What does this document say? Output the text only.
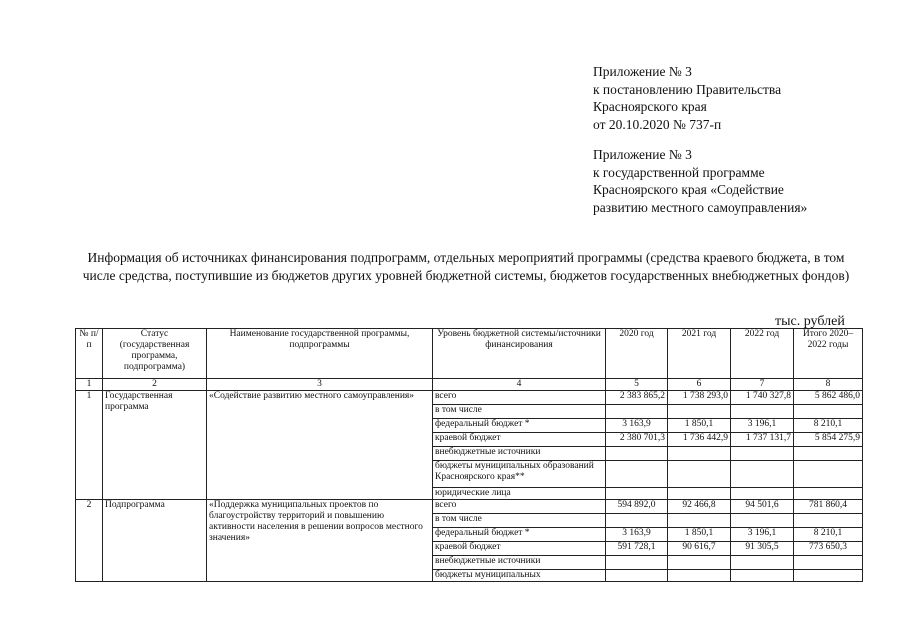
Приложение № 3
к постановлению Правительства
Красноярского края
от 20.10.2020 № 737-п
Приложение № 3
к государственной программе
Красноярского края «Содействие
развитию местного самоуправления»
Информация об источниках финансирования подпрограмм, отдельных мероприятий программы (средства краевого бюджета, в том числе средства, поступившие из бюджетов других уровней бюджетной системы, бюджетов государственных внебюджетных фондов)
тыс. рублей
№ п/п	Статус (государственная программа, подпрограмма)	Наименование государственной программы, подпрограммы	Уровень бюджетной системы/источники финансирования	2020 год	2021 год	2022 год	Итого 2020–2022 годы
1	2	3	4	5	6	7	8
1	Государственная программа	«Содействие развитию местного самоуправления»	всего	2 383 865,2	1 738 293,0	1 740 327,8	5 862 486,0
			в том числе				
			федеральный бюджет *	3 163,9	1 850,1	3 196,1	8 210,1
			краевой бюджет	2 380 701,3	1 736 442,9	1 737 131,7	5 854 275,9
			внебюджетные источники				
			бюджеты муниципальных образований Красноярского края**				
			юридические лица				
2	Подпрограмма	«Поддержка муниципальных проектов по благоустройству территорий и повышению активности населения в решении вопросов местного значения»	всего	594 892,0	92 466,8	94 501,6	781 860,4
			в том числе				
			федеральный бюджет *	3 163,9	1 850,1	3 196,1	8 210,1
			краевой бюджет	591 728,1	90 616,7	91 305,5	773 650,3
			внебюджетные источники				
			бюджеты муниципальных				
